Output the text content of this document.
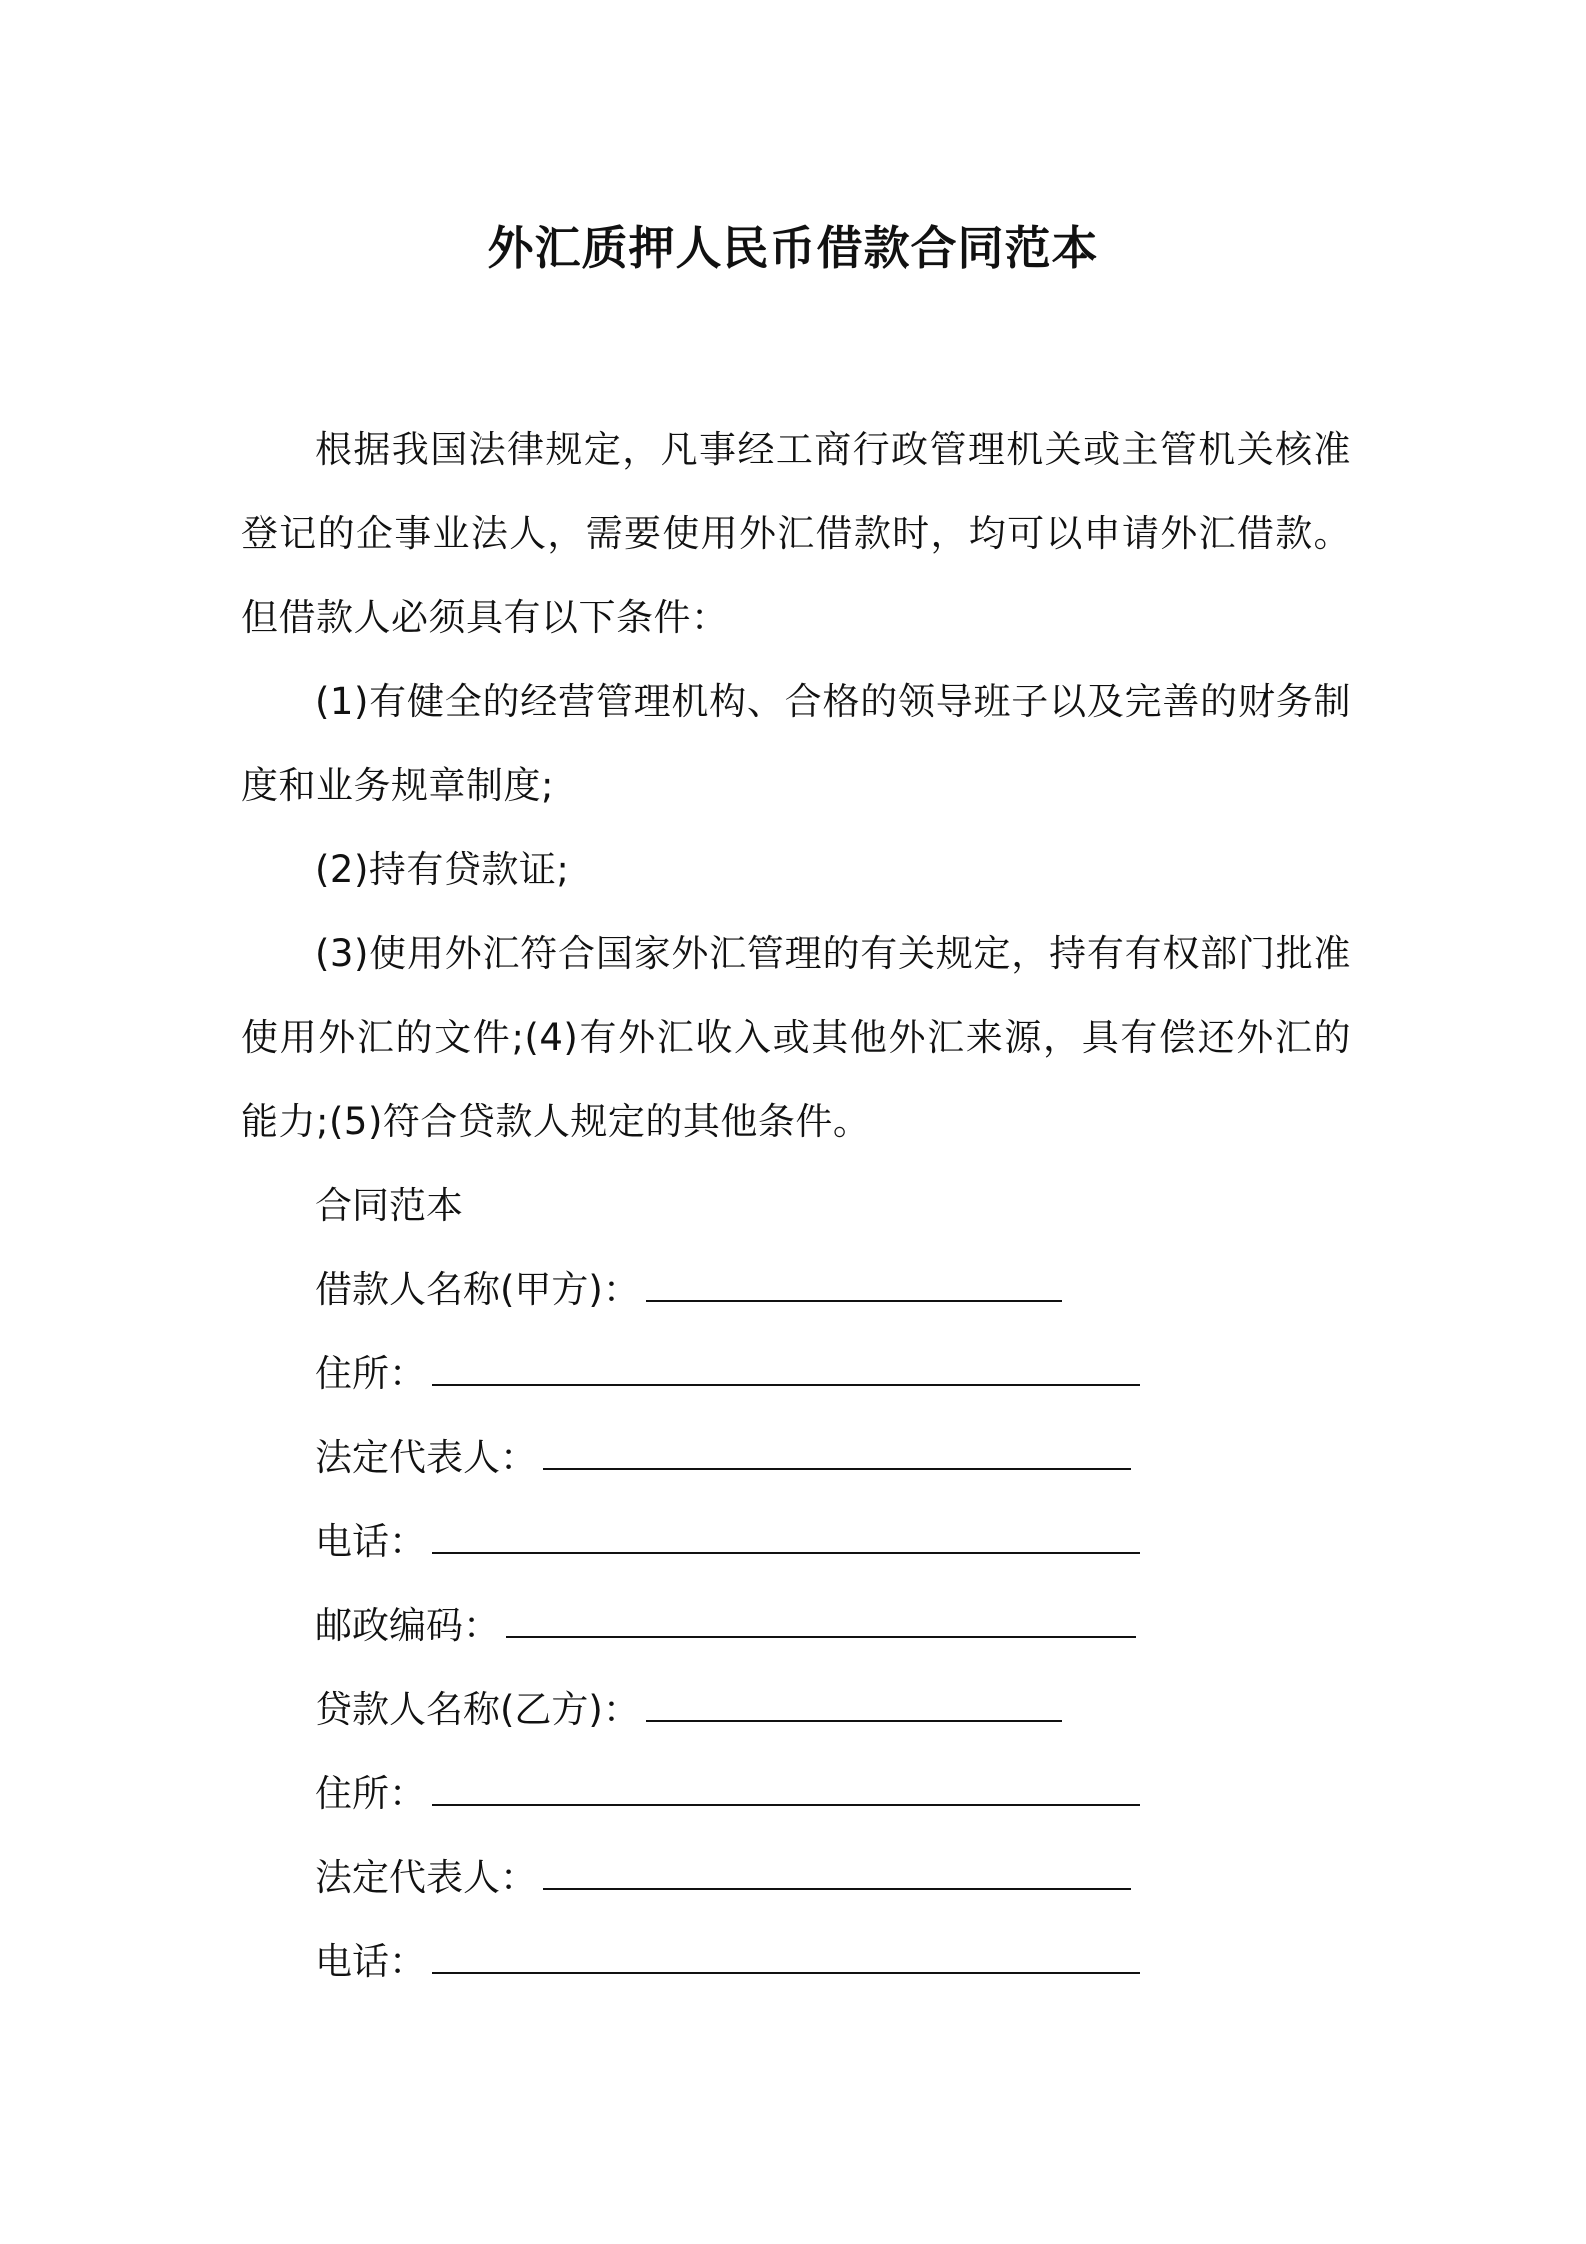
外汇质押人民币借款合同范本

根据我国法律规定，凡事经工商行政管理机关或主管机关核准登记的企事业法人，需要使用外汇借款时，均可以申请外汇借款。但借款人必须具有以下条件：

(1)有健全的经营管理机构、合格的领导班子以及完善的财务制度和业务规章制度;

(2)持有贷款证;

(3)使用外汇符合国家外汇管理的有关规定，持有有权部门批准使用外汇的文件;(4)有外汇收入或其他外汇来源，具有偿还外汇的能力;(5)符合贷款人规定的其他条件。

合同范本

借款人名称(甲方)：

住所：

法定代表人：

电话：

邮政编码：

贷款人名称(乙方)：

住所：

法定代表人：

电话：
